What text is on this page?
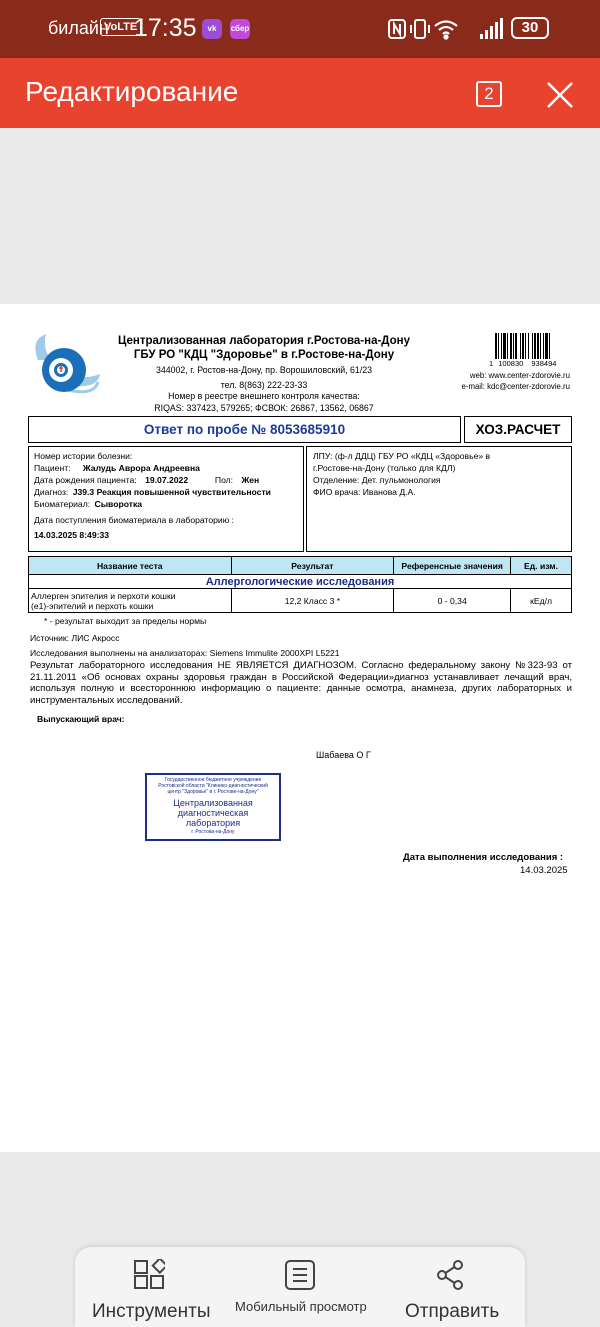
билайн
VoLTE
17:35	vk	сбер	30
Редактирование	2
Централизованная лаборатория г.Ростова-на-Дону
ГБУ РО "КДЦ "Здоровье" в г.Ростове-на-Дону
344002, г. Ростов-на-Дону, пр. Ворошиловский, 61/23
тел. 8(863) 222-23-33
Номер в реестре внешнего контроля качества:
RIQAS: 337423, 579265; ФСВОК: 26867, 13562, 06867
1 100830 938494
web: www.center-zdorovie.ru
e-mail: kdc@center-zdorovie.ru
Ответ по пробе № 8053685910	ХОЗ.РАСЧЕТ
Номер истории болезни:
Пациент: Жалудь Аврора Андреевна
Дата рождения пациента: 19.07.2022	Пол: Жен
Диагноз: J39.3 Реакция повышенной чувствительности
Биоматериал: Сыворотка
Дата поступления биоматериала в лабораторию :
14.03.2025 8:49:33
ЛПУ: (ф-л ДДЦ) ГБУ РО «КДЦ «Здоровье» в
г.Ростове-на-Дону (только для КДЛ)
Отделение: Дет. пульмонология
ФИО врача: Иванова Д.А.
Название теста	Результат	Референсные значения	Ед. изм.
Аллергологические исследования			

Аллерген эпителия и перхоти кошки
(e1)-эпителий и перхоть кошки	12,2 Класс 3 *	0 - 0,34	кЕд/л
* - результат выходит за пределы нормы
Источник: ЛИС Акросс
Исследования выполнены на анализаторах: Siemens Immulite 2000XPI L5221
Результат лабораторного исследования НЕ ЯВЛЯЕТСЯ ДИАГНОЗОМ. Согласно федеральному закону №323-93 от 21.11.2011 «Об основах охраны здоровья граждан в Российской Федерации»диагноз устанавливает лечащий врач, используя полную и всестороннюю информацию о пациенте: данные осмотра, анамнеза, других лабораторных и инструментальных исследований.
Выпускающий врач:
Шабаева О Г
Государственное бюджетное учреждение
Ростовской области "Клинико-диагностический
центр "Здоровье" в г. Ростове-на-Дону"
Централизованная
диагностическая
лаборатория
г. Ростова-на-Дону
Дата выполнения исследования :
14.03.2025
Инструменты Мобильный просмотр Отправить
